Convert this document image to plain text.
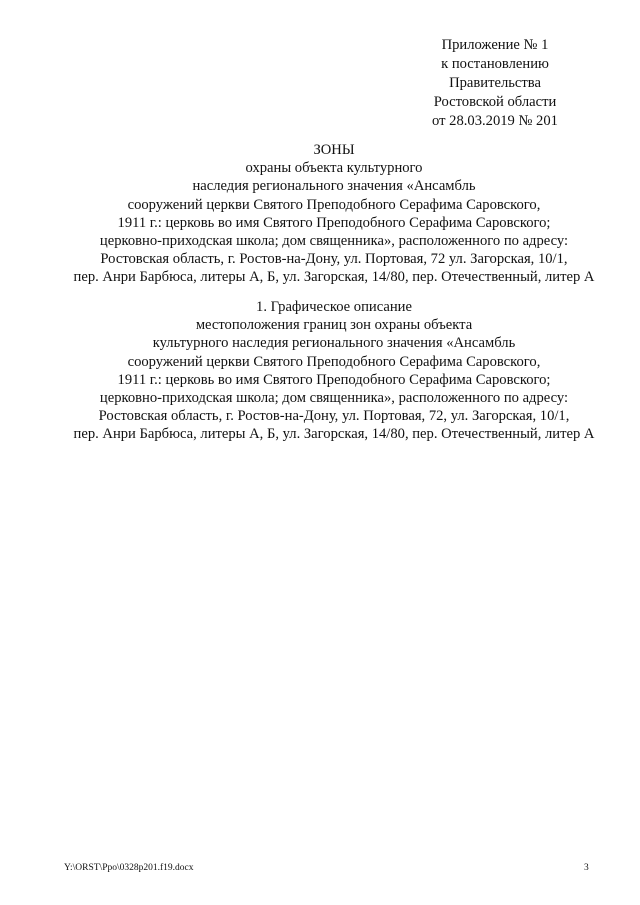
Приложение № 1
к постановлению
Правительства
Ростовской области
от 28.03.2019 № 201
ЗОНЫ
охраны объекта культурного
наследия регионального значения «Ансамбль
сооружений церкви Святого Преподобного Серафима Саровского,
1911 г.: церковь во имя Святого Преподобного Серафима Саровского;
церковно-приходская школа; дом священника», расположенного по адресу:
Ростовская область, г. Ростов-на-Дону, ул. Портовая, 72 ул. Загорская, 10/1,
пер. Анри Барбюса, литеры А, Б, ул. Загорская, 14/80, пер. Отечественный, литер А
1. Графическое описание
местоположения границ зон охраны объекта
культурного наследия регионального значения «Ансамбль
сооружений церкви Святого Преподобного Серафима Саровского,
1911 г.: церковь во имя Святого Преподобного Серафима Саровского;
церковно-приходская школа; дом священника», расположенного по адресу:
Ростовская область, г. Ростов-на-Дону, ул. Портовая, 72, ул. Загорская, 10/1,
пер. Анри Барбюса, литеры А, Б, ул. Загорская, 14/80, пер. Отечественный, литер А
Y:\ORST\Ppo\0328p201.f19.docx	3
